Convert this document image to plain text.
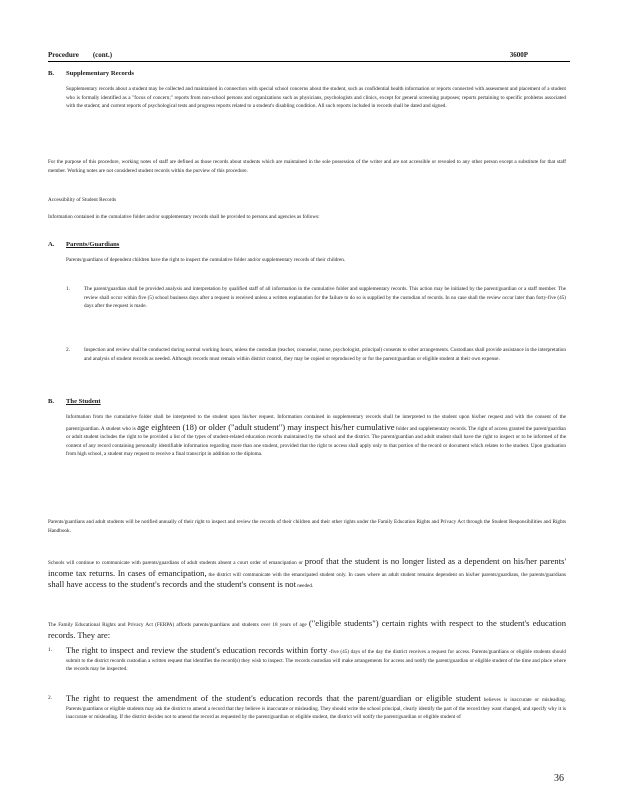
Procedure        (cont.)	3600P
B. Supplementary Records
Supplementary records about a student may be collected and maintained in connection with special school concerns about the student, such as confidential health information or reports connected with assessment and placement of a student who is formally identified as a "focus of concern;" reports from non-school persons and organizations such as physicians, psychologists and clinics, except for general screening purposes; reports pertaining to specific problems associated with the student; and current reports of psychological tests and progress reports related to a student's disabling condition. All such reports included in records shall be dated and signed.
For the purpose of this procedure, working notes of staff are defined as those records about students which are maintained in the sole possession of the writer and are not accessible or revealed to any other person except a substitute for that staff member. Working notes are not considered student records within the purview of this procedure.
Accessibility of Student Records
Information contained in the cumulative folder and/or supplementary records shall be provided to persons and agencies as follows:
A. Parents/Guardians
Parents/guardians of dependent children have the right to inspect the cumulative folder and/or supplementary records of their children.
1.	The parent/guardian shall be provided analysis and interpretation by qualified staff of all information in the cumulative folder and supplementary records. This action may be initiated by the parent/guardian or a staff member. The review shall occur within five (5) school business days after a request is received unless a written explanation for the failure to do so is supplied by the custodian of records. In no case shall the review occur later than forty-five (45) days after the request is made.
2.	Inspection and review shall be conducted during normal working hours, unless the custodian (teacher, counselor, nurse, psychologist, principal) consents to other arrangements. Custodians shall provide assistance in the interpretation and analysis of student records as needed. Although records must remain within district control, they may be copied or reproduced by or for the parent/guardian or eligible student at their own expense.
B. The Student
Information from the cumulative folder shall be interpreted to the student upon his/her request. Information contained in supplementary records shall be interpreted to the student upon his/her request and with the consent of the parent/guardian. A student who is age eighteen (18) or older ("adult student") may inspect his/her cumulative folder and supplementary records. The right of access granted the parent/guardian or adult student includes the right to be provided a list of the types of student-related education records maintained by the school and the district. The parent/guardian and adult student shall have the right to inspect or to be informed of the content of any record containing personally identifiable information regarding more than one student, provided that the right to access shall apply only to that portion of the record or document which relates to the student. Upon graduation from high school, a student may request to receive a final transcript in addition to the diploma.
Parents/guardians and adult students will be notified annually of their right to inspect and review the records of their children and their other rights under the Family Education Rights and Privacy Act through the Student Responsibilities and Rights Handbook.
Schools will continue to communicate with parents/guardians of adult students absent a court order of emancipation or proof that the student is no longer listed as a dependent on his/her parents' income tax returns. In cases of emancipation, the district will communicate with the emancipated student only. In cases where an adult student remains dependent on his/her parents/guardians, the parents/guardians shall have access to the student's records and the student's consent is not needed.
The Family Educational Rights and Privacy Act (FERPA) affords parents/guardians and students over 18 years of age ("eligible students") certain rights with respect to the student's education records. They are:
1. The right to inspect and review the student's education records within forty -five (45) days of the day the district receives a request for access. Parents/guardians or eligible students should submit to the district records custodian a written request that identifies the record(s) they wish to inspect. The records custodian will make arrangements for access and notify the parent/guardian or eligible student of the time and place where the records may be inspected.
2. The right to request the amendment of the student's education records that the parent/guardian or eligible student believes is inaccurate or misleading. Parents/guardians or eligible students may ask the district to amend a record that they believe is inaccurate or misleading. They should write the school principal, clearly identify the part of the record they want changed, and specify why it is inaccurate or misleading. If the district decides not to amend the record as requested by the parent/guardian or eligible student, the district will notify the parent/guardian or eligible student of
36
